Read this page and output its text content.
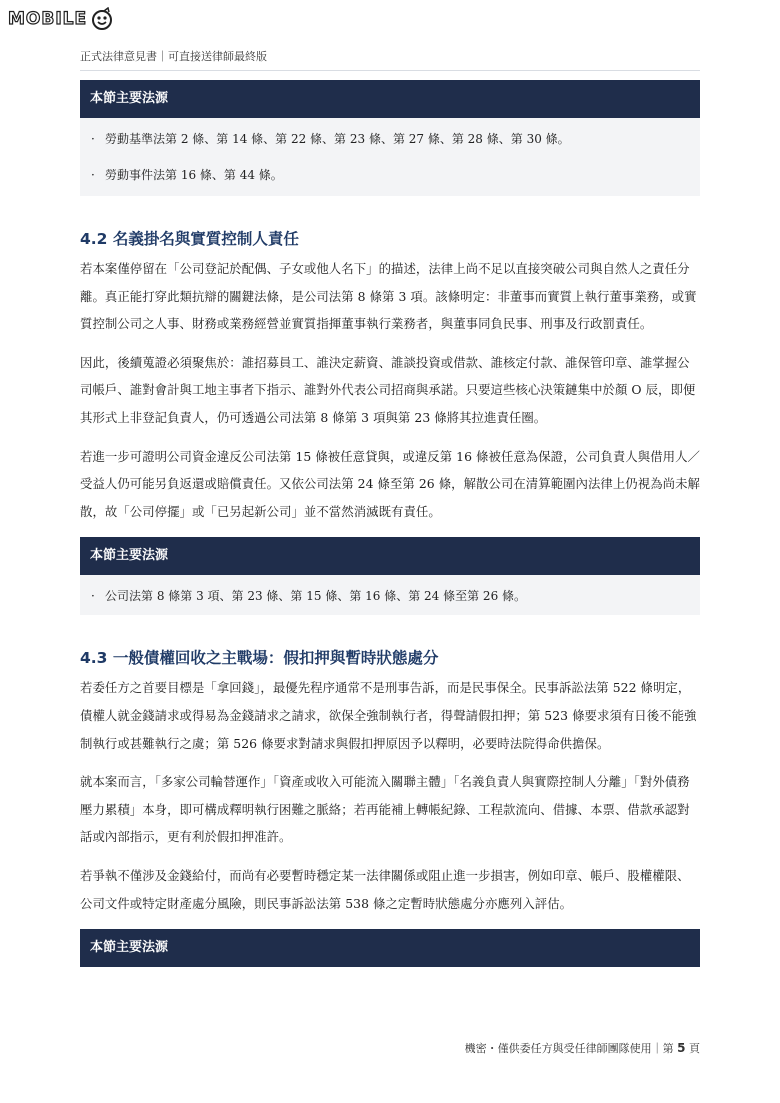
MOBILE
正式法律意見書｜可直接送律師最終版
本節主要法源
· 勞動基準法第 2 條、第 14 條、第 22 條、第 23 條、第 27 條、第 28 條、第 30 條。
· 勞動事件法第 16 條、第 44 條。
4.2 名義掛名與實質控制人責任

若本案僅停留在「公司登記於配偶、子女或他人名下」的描述，法律上尚不足以直接突破公司與自然人之責任分離。真正能打穿此類抗辯的關鍵法條，是公司法第 8 條第 3 項。該條明定：非董事而實質上執行董事業務，或實質控制公司之人事、財務或業務經營並實質指揮董事執行業務者，與董事同負民事、刑事及行政罰責任。

因此，後續蒐證必須聚焦於：誰招募員工、誰決定薪資、誰談投資或借款、誰核定付款、誰保管印章、誰掌握公司帳戶、誰對會計與工地主事者下指示、誰對外代表公司招商與承諾。只要這些核心決策鏈集中於顏 O 辰，即便其形式上非登記負責人，仍可透過公司法第 8 條第 3 項與第 23 條將其拉進責任圈。

若進一步可證明公司資金違反公司法第 15 條被任意貸與，或違反第 16 條被任意為保證，公司負責人與借用人／受益人仍可能另負返還或賠償責任。又依公司法第 24 條至第 26 條，解散公司在清算範圍內法律上仍視為尚未解散，故「公司停擺」或「已另起新公司」並不當然消滅既有責任。

本節主要法源
· 公司法第 8 條第 3 項、第 23 條、第 15 條、第 16 條、第 24 條至第 26 條。
4.3 一般債權回收之主戰場：假扣押與暫時狀態處分

若委任方之首要目標是「拿回錢」，最優先程序通常不是刑事告訴，而是民事保全。民事訴訟法第 522 條明定，債權人就金錢請求或得易為金錢請求之請求，欲保全強制執行者，得聲請假扣押；第 523 條要求須有日後不能強制執行或甚難執行之虞；第 526 條要求對請求與假扣押原因予以釋明，必要時法院得命供擔保。

就本案而言，「多家公司輪替運作」「資產或收入可能流入關聯主體」「名義負責人與實際控制人分離」「對外債務壓力累積」本身，即可構成釋明執行困難之脈絡；若再能補上轉帳紀錄、工程款流向、借據、本票、借款承認對話或內部指示，更有利於假扣押准許。

若爭執不僅涉及金錢給付，而尚有必要暫時穩定某一法律關係或阻止進一步損害，例如印章、帳戶、股權權限、公司文件或特定財產處分風險，則民事訴訟法第 538 條之定暫時狀態處分亦應列入評估。

本節主要法源
機密・僅供委任方與受任律師團隊使用｜第 5 頁
